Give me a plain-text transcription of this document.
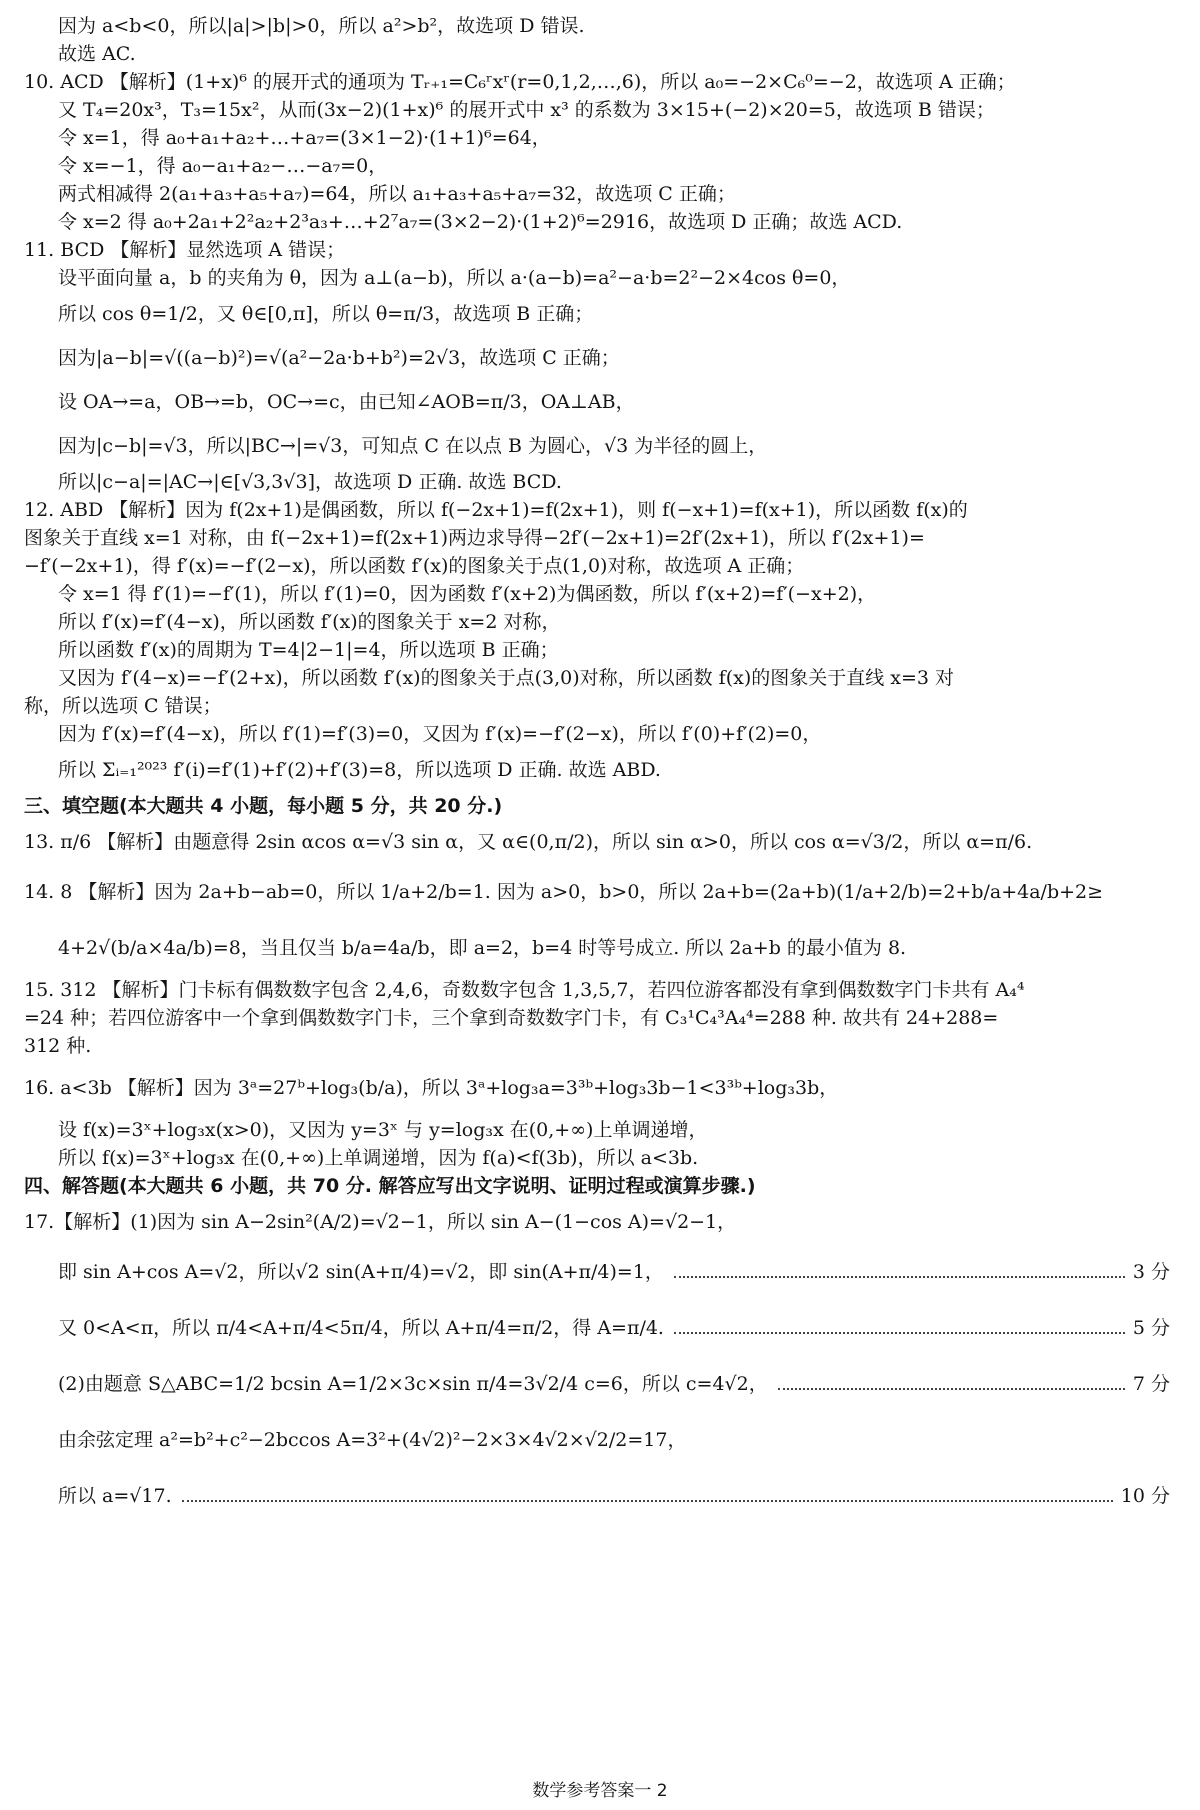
因为 a<b<0，所以|a|>|b|>0，所以 a²>b²，故选项 D 错误.
故选 AC.
10. ACD 【解析】(1+x)⁶ 的展开式的通项为 Tᵣ₊₁=C₆ʳxʳ(r=0,1,2,…,6)，所以 a₀=−2×C₆⁰=−2，故选项 A 正确；
又 T₄=20x³，T₃=15x²，从而(3x−2)(1+x)⁶ 的展开式中 x³ 的系数为 3×15+(−2)×20=5，故选项 B 错误；
令 x=1，得 a₀+a₁+a₂+…+a₇=(3×1−2)·(1+1)⁶=64，
令 x=−1，得 a₀−a₁+a₂−…−a₇=0，
两式相减得 2(a₁+a₃+a₅+a₇)=64，所以 a₁+a₃+a₅+a₇=32，故选项 C 正确；
令 x=2 得 a₀+2a₁+2²a₂+2³a₃+…+2⁷a₇=(3×2−2)·(1+2)⁶=2916，故选项 D 正确；故选 ACD.
11. BCD 【解析】显然选项 A 错误；
设平面向量 a，b 的夹角为 θ，因为 a⊥(a−b)，所以 a·(a−b)=a²−a·b=2²−2×4cos θ=0，
所以 cos θ=1/2，又 θ∈[0,π]，所以 θ=π/3，故选项 B 正确；
因为|a−b|=√((a−b)²)=√(a²−2a·b+b²)=2√3，故选项 C 正确；
设 OA→=a，OB→=b，OC→=c，由已知∠AOB=π/3，OA⊥AB，
因为|c−b|=√3，所以|BC→|=√3，可知点 C 在以点 B 为圆心，√3 为半径的圆上，
所以|c−a|=|AC→|∈[√3,3√3]，故选项 D 正确. 故选 BCD.
12. ABD 【解析】因为 f(2x+1)是偶函数，所以 f(−2x+1)=f(2x+1)，则 f(−x+1)=f(x+1)，所以函数 f(x)的
图象关于直线 x=1 对称，由 f(−2x+1)=f(2x+1)两边求导得−2f′(−2x+1)=2f′(2x+1)，所以 f′(2x+1)=
−f′(−2x+1)，得 f′(x)=−f′(2−x)，所以函数 f′(x)的图象关于点(1,0)对称，故选项 A 正确；
令 x=1 得 f′(1)=−f′(1)，所以 f′(1)=0，因为函数 f′(x+2)为偶函数，所以 f′(x+2)=f′(−x+2)，
所以 f′(x)=f′(4−x)，所以函数 f′(x)的图象关于 x=2 对称，
所以函数 f′(x)的周期为 T=4|2−1|=4，所以选项 B 正确；
又因为 f′(4−x)=−f′(2+x)，所以函数 f′(x)的图象关于点(3,0)对称，所以函数 f(x)的图象关于直线 x=3 对
称，所以选项 C 错误；
因为 f′(x)=f′(4−x)，所以 f′(1)=f′(3)=0，又因为 f′(x)=−f′(2−x)，所以 f′(0)+f′(2)=0，
所以 Σᵢ₌₁²⁰²³ f′(i)=f′(1)+f′(2)+f′(3)=8，所以选项 D 正确. 故选 ABD.
三、填空题(本大题共 4 小题，每小题 5 分，共 20 分.)
13. π/6 【解析】由题意得 2sin αcos α=√3 sin α，又 α∈(0,π/2)，所以 sin α>0，所以 cos α=√3/2，所以 α=π/6.
14. 8 【解析】因为 2a+b−ab=0，所以 1/a+2/b=1. 因为 a>0，b>0，所以 2a+b=(2a+b)(1/a+2/b)=2+b/a+4a/b+2≥
4+2√(b/a×4a/b)=8，当且仅当 b/a=4a/b，即 a=2，b=4 时等号成立. 所以 2a+b 的最小值为 8.
15. 312 【解析】门卡标有偶数数字包含 2,4,6，奇数数字包含 1,3,5,7，若四位游客都没有拿到偶数数字门卡共有 A₄⁴
=24 种；若四位游客中一个拿到偶数数字门卡，三个拿到奇数数字门卡，有 C₃¹C₄³A₄⁴=288 种. 故共有 24+288=
312 种.
16. a<3b 【解析】因为 3ᵃ=27ᵇ+log₃(b/a)，所以 3ᵃ+log₃a=3³ᵇ+log₃3b−1<3³ᵇ+log₃3b，
设 f(x)=3ˣ+log₃x(x>0)，又因为 y=3ˣ 与 y=log₃x 在(0,+∞)上单调递增，
所以 f(x)=3ˣ+log₃x 在(0,+∞)上单调递增，因为 f(a)<f(3b)，所以 a<3b.
四、解答题(本大题共 6 小题，共 70 分. 解答应写出文字说明、证明过程或演算步骤.)
17.【解析】(1)因为 sin A−2sin²(A/2)=√2−1，所以 sin A−(1−cos A)=√2−1，
即 sin A+cos A=√2，所以√2 sin(A+π/4)=√2，即 sin(A+π/4)=1，	3 分
又 0<A<π，所以 π/4<A+π/4<5π/4，所以 A+π/4=π/2，得 A=π/4.	5 分
(2)由题意 S△ABC=1/2 bcsin A=1/2×3c×sin π/4=3√2/4 c=6，所以 c=4√2，	7 分
由余弦定理 a²=b²+c²−2bccos A=3²+(4√2)²−2×3×4√2×√2/2=17，
所以 a=√17.	10 分
数学参考答案一 2
